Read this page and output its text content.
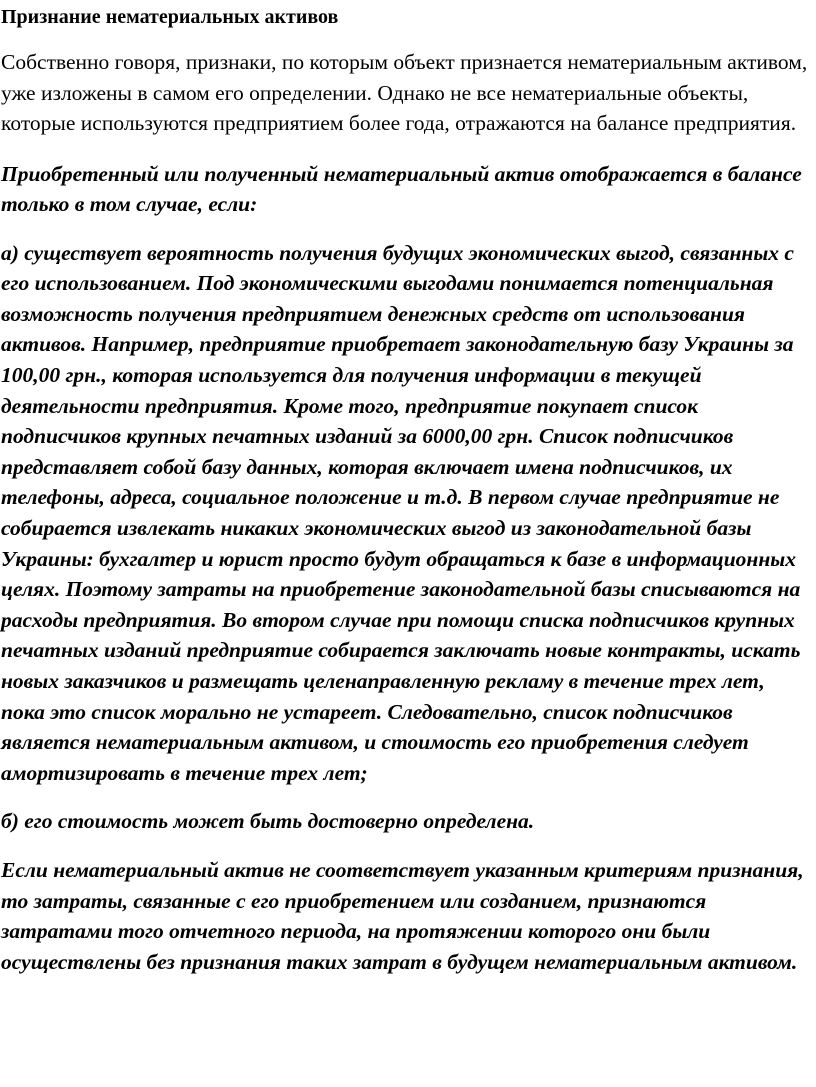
Признание нематериальных активов

Собственно говоря, признаки, по которым объект признается нематериальным активом, уже изложены в самом его определении. Однако не все нематериальные объекты, которые используются предприятием более года, отражаются на балансе предприятия.

Приобретенный или полученный нематериальный актив отображается в балансе только в том случае, если:

а) существует вероятность получения будущих экономических выгод, связанных с его использованием. Под экономическими выгодами понимается потенциальная возможность получения предприятием денежных средств от использования активов. Например, предприятие приобретает законодательную базу Украины за 100,00 грн., которая используется для получения информации в текущей деятельности предприятия. Кроме того, предприятие покупает список подписчиков крупных печатных изданий за 6000,00 грн. Список подписчиков представляет собой базу данных, которая включает имена подписчиков, их телефоны, адреса, социальное положение и т.д. В первом случае предприятие не собирается извлекать никаких экономических выгод из законодательной базы Украины: бухгалтер и юрист просто будут обращаться к базе в информационных целях. Поэтому затраты на приобретение законодательной базы списываются на расходы предприятия. Во втором случае при помощи списка подписчиков крупных печатных изданий предприятие собирается заключать новые контракты, искать новых заказчиков и размещать целенаправленную рекламу в течение трех лет, пока это список морально не устареет. Следовательно, список подписчиков является нематериальным активом, и стоимость его приобретения следует амортизировать в течение трех лет;

б) его стоимость может быть достоверно определена.

Если нематериальный актив не соответствует указанным критериям признания, то затраты, связанные с его приобретением или созданием, признаются затратами того отчетного периода, на протяжении которого они были осуществлены без признания таких затрат в будущем нематериальным активом.
